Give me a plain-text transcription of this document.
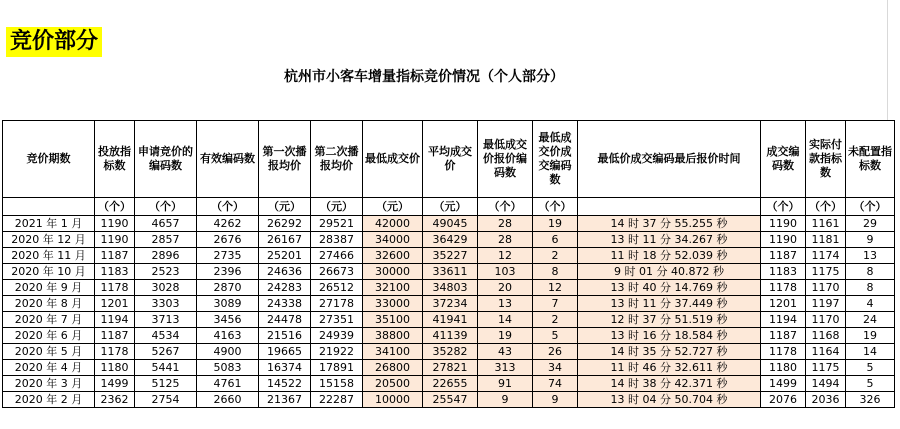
竞价部分
杭州市小客车增量指标竞价情况（个人部分）
竞价期数	投放指标数	申请竞价的编码数	有效编码数	第一次播报均价	第二次播报均价	最低成交价	平均成交价	最低成交价报价编码数	最低成交价成交编码数	最低价成交编码最后报价时间	成交编码数	实际付款指标数	未配置指标数
	（个）	（个）	（个）	（元）	（元）	（元）	（元）	（个）	（个）		（个）	（个）	（个）
2021 年 1 月	1190	4657	4262	26292	29521	42000	49045	28	19	14 时 37 分 55.255 秒	1190	1161	29
2020 年 12 月	1190	2857	2676	26167	28387	34000	36429	28	6	13 时 11 分 34.267 秒	1190	1181	9
2020 年 11 月	1187	2896	2735	25201	27466	32600	35227	12	2	11 时 18 分 52.039 秒	1187	1174	13
2020 年 10 月	1183	2523	2396	24636	26673	30000	33611	103	8	9 时 01 分 40.872 秒	1183	1175	8
2020 年 9 月	1178	3028	2870	24283	26512	32100	34803	20	12	13 时 40 分 14.769 秒	1178	1170	8
2020 年 8 月	1201	3303	3089	24338	27178	33000	37234	13	7	13 时 11 分 37.449 秒	1201	1197	4
2020 年 7 月	1194	3713	3456	24478	27351	35100	41941	14	2	12 时 37 分 51.519 秒	1194	1170	24
2020 年 6 月	1187	4534	4163	21516	24939	38800	41139	19	5	13 时 16 分 18.584 秒	1187	1168	19
2020 年 5 月	1178	5267	4900	19665	21922	34100	35282	43	26	14 时 35 分 52.727 秒	1178	1164	14
2020 年 4 月	1180	5441	5083	16374	17891	26800	27821	313	34	11 时 46 分 32.611 秒	1180	1175	5
2020 年 3 月	1499	5125	4761	14522	15158	20500	22655	91	74	14 时 38 分 42.371 秒	1499	1494	5
2020 年 2 月	2362	2754	2660	21367	22287	10000	25547	9	9	13 时 04 分 50.704 秒	2076	2036	326
